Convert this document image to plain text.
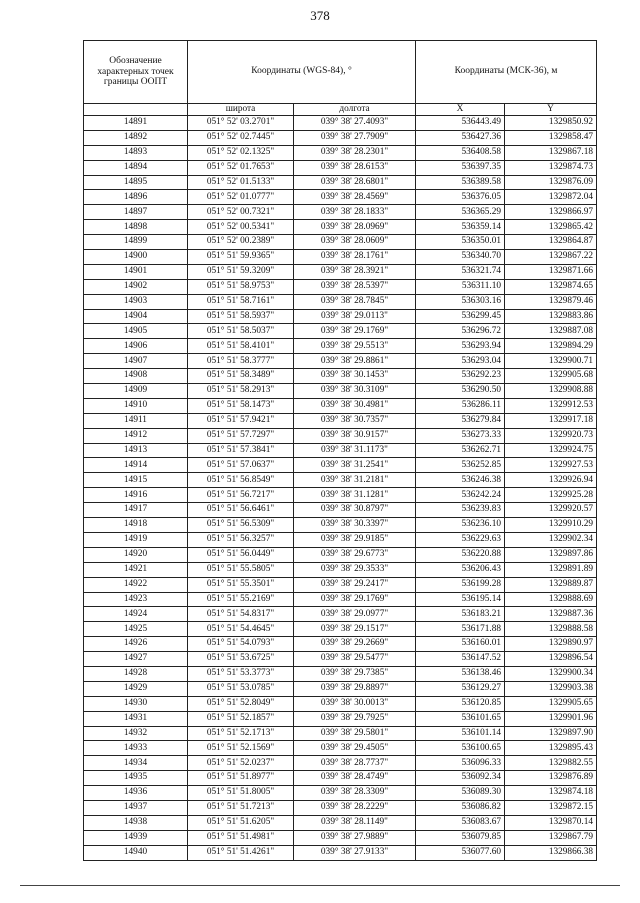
378
Обозначение характерных точек границы ООПТ	Координаты (WGS-84), °		Координаты (МСК-36), м	
	широта	долгота	X	Y
14891	051° 52' 03.2701"	039° 38' 27.4093"	536443.49	1329850.92
14892	051° 52' 02.7445"	039° 38' 27.7909"	536427.36	1329858.47
14893	051° 52' 02.1325"	039° 38' 28.2301"	536408.58	1329867.18
14894	051° 52' 01.7653"	039° 38' 28.6153"	536397.35	1329874.73
14895	051° 52' 01.5133"	039° 38' 28.6801"	536389.58	1329876.09
14896	051° 52' 01.0777"	039° 38' 28.4569"	536376.05	1329872.04
14897	051° 52' 00.7321"	039° 38' 28.1833"	536365.29	1329866.97
14898	051° 52' 00.5341"	039° 38' 28.0969"	536359.14	1329865.42
14899	051° 52' 00.2389"	039° 38' 28.0609"	536350.01	1329864.87
14900	051° 51' 59.9365"	039° 38' 28.1761"	536340.70	1329867.22
14901	051° 51' 59.3209"	039° 38' 28.3921"	536321.74	1329871.66
14902	051° 51' 58.9753"	039° 38' 28.5397"	536311.10	1329874.65
14903	051° 51' 58.7161"	039° 38' 28.7845"	536303.16	1329879.46
14904	051° 51' 58.5937"	039° 38' 29.0113"	536299.45	1329883.86
14905	051° 51' 58.5037"	039° 38' 29.1769"	536296.72	1329887.08
14906	051° 51' 58.4101"	039° 38' 29.5513"	536293.94	1329894.29
14907	051° 51' 58.3777"	039° 38' 29.8861"	536293.04	1329900.71
14908	051° 51' 58.3489"	039° 38' 30.1453"	536292.23	1329905.68
14909	051° 51' 58.2913"	039° 38' 30.3109"	536290.50	1329908.88
14910	051° 51' 58.1473"	039° 38' 30.4981"	536286.11	1329912.53
14911	051° 51' 57.9421"	039° 38' 30.7357"	536279.84	1329917.18
14912	051° 51' 57.7297"	039° 38' 30.9157"	536273.33	1329920.73
14913	051° 51' 57.3841"	039° 38' 31.1173"	536262.71	1329924.75
14914	051° 51' 57.0637"	039° 38' 31.2541"	536252.85	1329927.53
14915	051° 51' 56.8549"	039° 38' 31.2181"	536246.38	1329926.94
14916	051° 51' 56.7217"	039° 38' 31.1281"	536242.24	1329925.28
14917	051° 51' 56.6461"	039° 38' 30.8797"	536239.83	1329920.57
14918	051° 51' 56.5309"	039° 38' 30.3397"	536236.10	1329910.29
14919	051° 51' 56.3257"	039° 38' 29.9185"	536229.63	1329902.34
14920	051° 51' 56.0449"	039° 38' 29.6773"	536220.88	1329897.86
14921	051° 51' 55.5805"	039° 38' 29.3533"	536206.43	1329891.89
14922	051° 51' 55.3501"	039° 38' 29.2417"	536199.28	1329889.87
14923	051° 51' 55.2169"	039° 38' 29.1769"	536195.14	1329888.69
14924	051° 51' 54.8317"	039° 38' 29.0977"	536183.21	1329887.36
14925	051° 51' 54.4645"	039° 38' 29.1517"	536171.88	1329888.58
14926	051° 51' 54.0793"	039° 38' 29.2669"	536160.01	1329890.97
14927	051° 51' 53.6725"	039° 38' 29.5477"	536147.52	1329896.54
14928	051° 51' 53.3773"	039° 38' 29.7385"	536138.46	1329900.34
14929	051° 51' 53.0785"	039° 38' 29.8897"	536129.27	1329903.38
14930	051° 51' 52.8049"	039° 38' 30.0013"	536120.85	1329905.65
14931	051° 51' 52.1857"	039° 38' 29.7925"	536101.65	1329901.96
14932	051° 51' 52.1713"	039° 38' 29.5801"	536101.14	1329897.90
14933	051° 51' 52.1569"	039° 38' 29.4505"	536100.65	1329895.43
14934	051° 51' 52.0237"	039° 38' 28.7737"	536096.33	1329882.55
14935	051° 51' 51.8977"	039° 38' 28.4749"	536092.34	1329876.89
14936	051° 51' 51.8005"	039° 38' 28.3309"	536089.30	1329874.18
14937	051° 51' 51.7213"	039° 38' 28.2229"	536086.82	1329872.15
14938	051° 51' 51.6205"	039° 38' 28.1149"	536083.67	1329870.14
14939	051° 51' 51.4981"	039° 38' 27.9889"	536079.85	1329867.79
14940	051° 51' 51.4261"	039° 38' 27.9133"	536077.60	1329866.38
